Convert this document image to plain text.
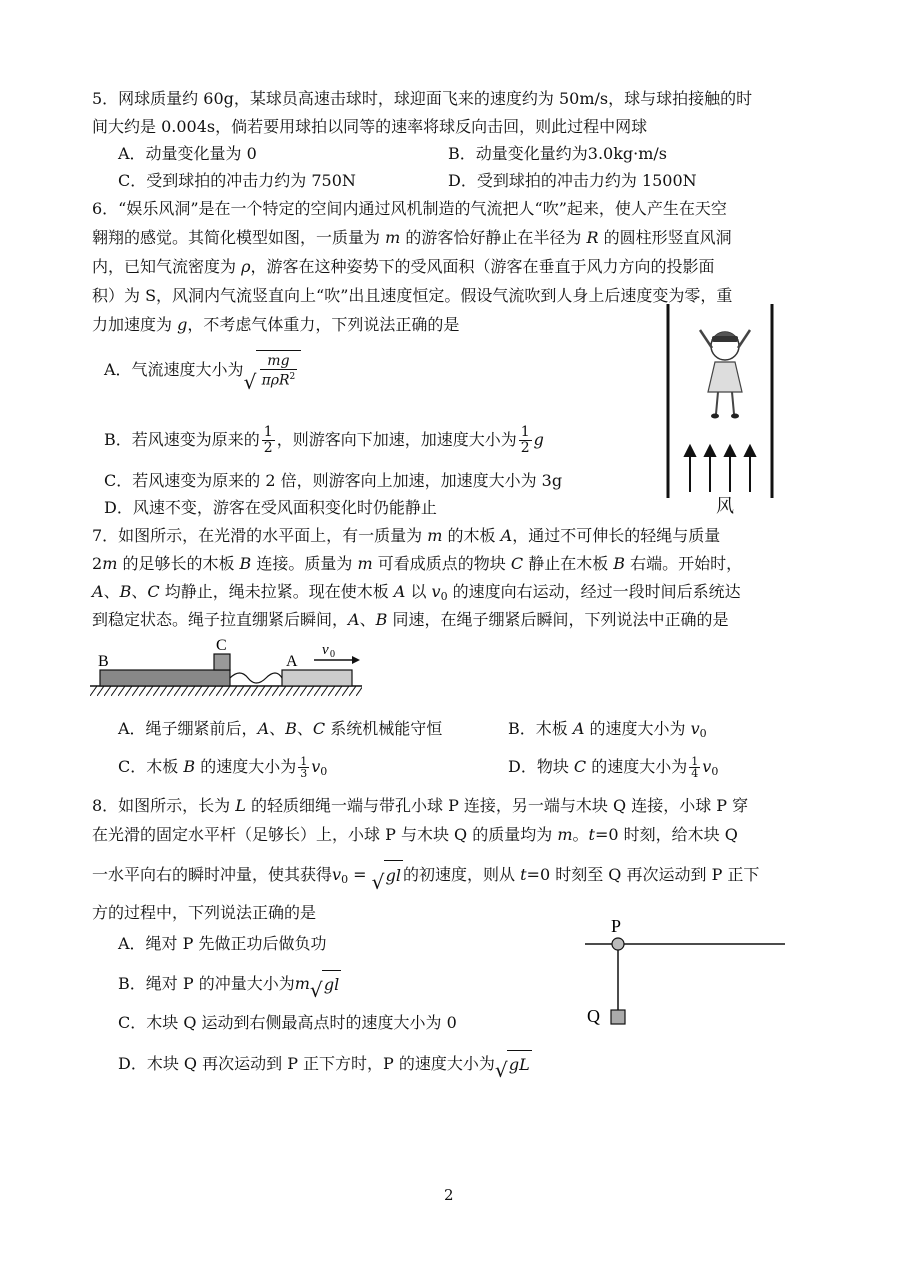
5．网球质量约 60g，某球员高速击球时，球迎面飞来的速度约为 50m/s，球与球拍接触的时
间大约是 0.004s，倘若要用球拍以同等的速率将球反向击回，则此过程中网球
A．动量变化量为 0	B．动量变化量约为3.0kg·m/s
C．受到球拍的冲击力约为 750N	D．受到球拍的冲击力约为 1500N
6．“娱乐风洞”是在一个特定的空间内通过风机制造的气流把人“吹”起来，使人产生在天空
翱翔的感觉。其简化模型如图，一质量为 m 的游客恰好静止在半径为 R 的圆柱形竖直风洞
内，已知气流密度为 ρ，游客在这种姿势下的受风面积（游客在垂直于风力方向的投影面
积）为 S，风洞内气流竖直向上“吹”出且速度恒定。假设气流吹到人身上后速度变为零，重
力加速度为 g，不考虑气体重力，下列说法正确的是
A．气流速度大小为
√ $\frac{mg}{\pi\rho R^2}$
B．若风速变为原来的 $\frac{1}{2}$ ，则游客向下加速，加速度大小为 $\frac{1}{2}$ g
C．若风速变为原来的 2 倍，则游客向上加速，加速度大小为 3g
D．风速不变，游客在受风面积变化时仍能静止	风
7．如图所示，在光滑的水平面上，有一质量为 m 的木板 A，通过不可伸长的轻绳与质量
2m 的足够长的木板 B 连接。质量为 m 可看成质点的物块 C 静止在木板 B 右端。开始时，
A、B、C 均静止，绳未拉紧。现在使木板 A 以 $v_0$ 的速度向右运动，经过一段时间后系统达
到稳定状态。绳子拉直绷紧后瞬间，A、B 同速，在绳子绷紧后瞬间，下列说法中正确的是
B
C
A
v 0
A．绳子绷紧前后，A、B、C 系统机械能守恒	B．木板 A 的速度大小为 $v_0$
C．木板 B 的速度大小为 $\frac{1}{3} v_0$	D．物块 C 的速度大小为 $\frac{1}{4} v_0$
8．如图所示，长为 L 的轻质细绳一端与带孔小球 P 连接，另一端与木块 Q 连接，小球 P 穿
在光滑的固定水平杆（足够长）上，小球 P 与木块 Q 的质量均为 m。t=0 时刻，给木块 Q
一水平向右的瞬时冲量，使其获得$v_0$ = √ gl 的初速度，则从 t=0 时刻至 Q 再次运动到 P 正下
方的过程中，下列说法正确的是
A．绳对 P 先做正功后做负功
B．绳对 P 的冲量大小为m √ gl
C．木块 Q 运动到右侧最高点时的速度大小为 0
D．木块 Q 再次运动到 P 正下方时，P 的速度大小为 √ gL
P
Q
2
